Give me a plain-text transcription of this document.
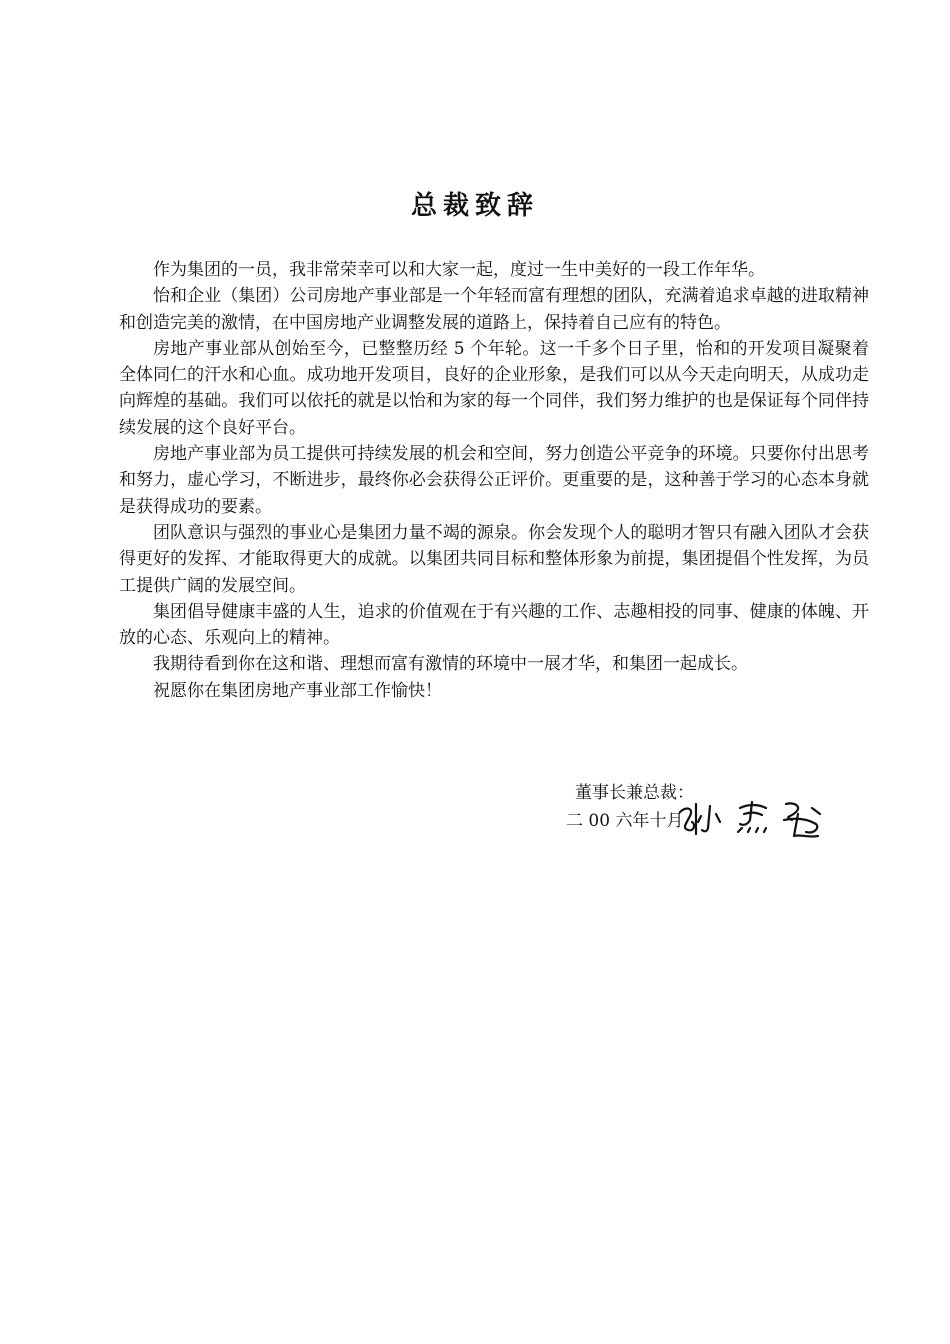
总裁致辞

作为集团的一员，我非常荣幸可以和大家一起，度过一生中美好的一段工作年华。

怡和企业（集团）公司房地产事业部是一个年轻而富有理想的团队，充满着追求卓越的进取精神和创造完美的激情，在中国房地产业调整发展的道路上，保持着自己应有的特色。

房地产事业部从创始至今，已整整历经 5 个年轮。这一千多个日子里，怡和的开发项目凝聚着全体同仁的汗水和心血。成功地开发项目，良好的企业形象，是我们可以从今天走向明天，从成功走向辉煌的基础。我们可以依托的就是以怡和为家的每一个同伴，我们努力维护的也是保证每个同伴持续发展的这个良好平台。

房地产事业部为员工提供可持续发展的机会和空间，努力创造公平竞争的环境。只要你付出思考和努力，虚心学习，不断进步，最终你必会获得公正评价。更重要的是，这种善于学习的心态本身就是获得成功的要素。

团队意识与强烈的事业心是集团力量不竭的源泉。你会发现个人的聪明才智只有融入团队才会获得更好的发挥、才能取得更大的成就。以集团共同目标和整体形象为前提，集团提倡个性发挥，为员工提供广阔的发展空间。

集团倡导健康丰盛的人生，追求的价值观在于有兴趣的工作、志趣相投的同事、健康的体魄、开放的心态、乐观向上的精神。

我期待看到你在这和谐、理想而富有激情的环境中一展才华，和集团一起成长。

祝愿你在集团房地产事业部工作愉快！

董事长兼总裁：
二 00 六年十月
